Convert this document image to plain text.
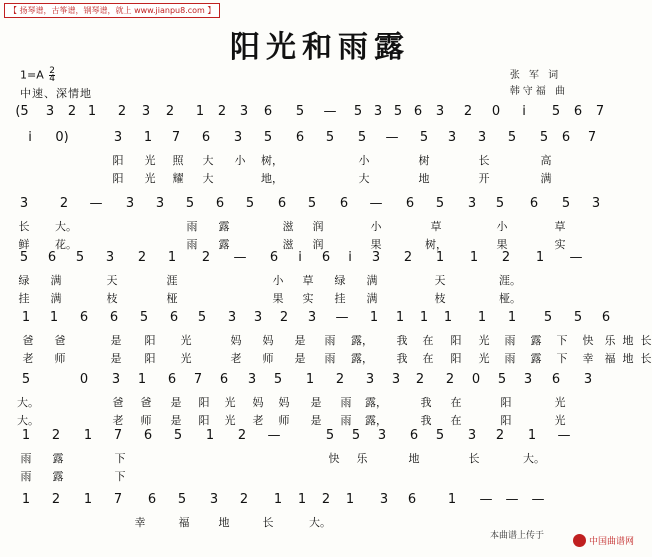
【 扬琴谱，古筝谱，钢琴谱，就上 www.jianpu8.com 】
阳光和雨露
$1=A \frac{2}{4}$
中速、深情地
张 军 词
韩守福 曲
(5 3 2 1 2 3 2 1 2 3 6 5 — 5 3 5 6 3 2 0 i 5 6 7
i 0)	3 1 7 6 3 5 6 5 5 — 5 3 3 5 5 6 7
阳 光 照 大 小 树，	小	树	长	高
阳 光 耀 大	地，	大	地	开	满
3 2 — 3 3 5 6 5 6 5 6 — 6 5 3 5 6 5 3
长 大。	雨 露	滋 润	小	草	小	草
鲜 花。	雨 露	滋 润	果	树，	果	实
5 6 5 3 2 1 2 — 6 i 6 i 3 2 1 1 2 1 —
绿 满	天	涯	小 草 绿 满	天	涯。
挂 满	枝	桠	果 实 挂 满	枝	桠。
1 1 6 6 5 6 5 3 3 2 3 — 1 1 1 1 1 1 5 5 6
爸 爸	是 阳 光	妈 妈 是 雨 露， 我 在 阳 光 雨 露 下 快 乐 地 长
老 师	是 阳 光	老 师 是 雨 露， 我 在 阳 光 雨 露 下 幸 福 地 长
5	0 3 1 6 7 6 3 5 1 2 3 3 2 2 0 5 3 6 3
大。	爸 爸 是 阳 光 妈 妈 是 雨 露，	我 在	阳	光
大。	老 师 是 阳 光 老 师 是 雨 露，	我 在	阳	光
1 2 1 7 6 5 1 2 —	5 5 3 6 5 3 2 1 —
雨 露	下	快 乐	地	长	大。
雨 露	下
1 2 1 7 6 5 3 2 1 1 2 1 3 6 1 — — —
幸	福	地	长	大。
本曲谱上传于
中国曲谱网
